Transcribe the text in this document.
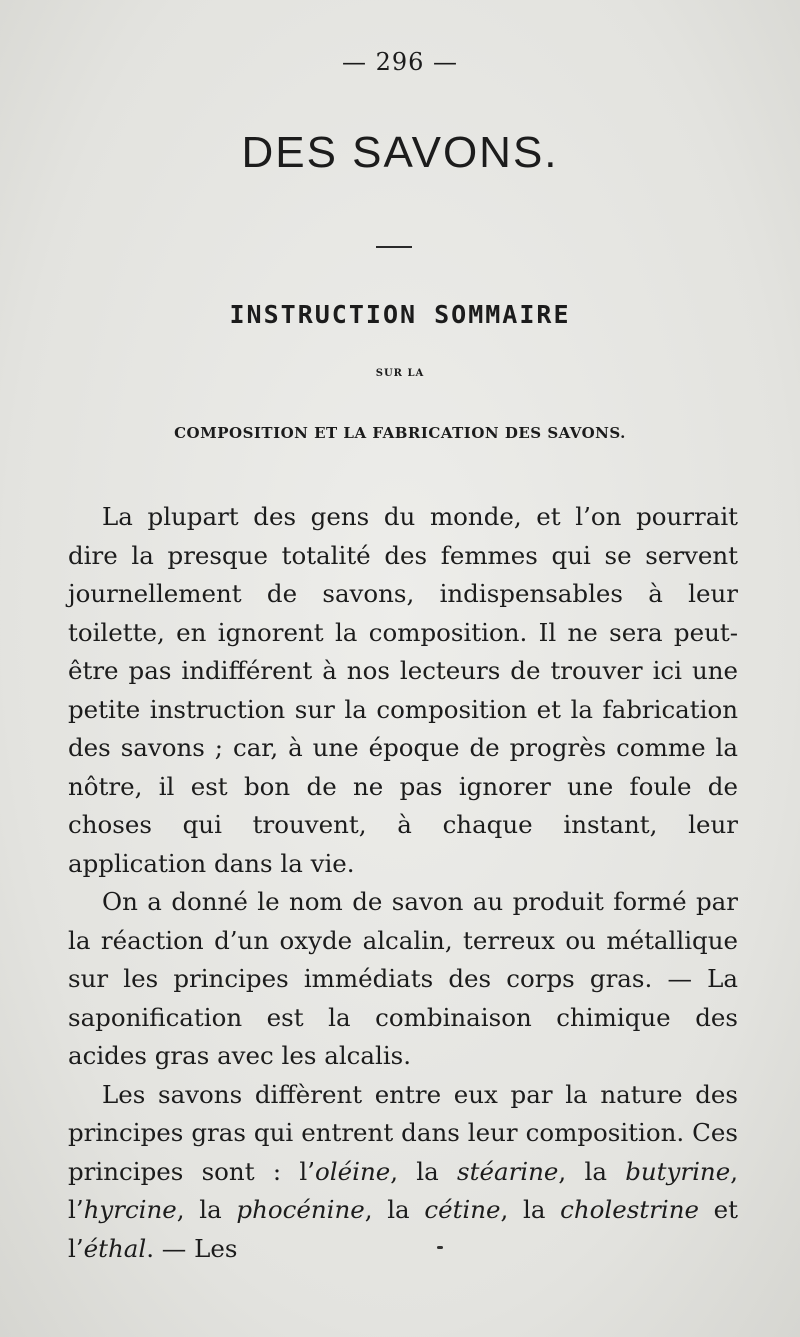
— 296 —
DES SAVONS.
INSTRUCTION SOMMAIRE
SUR LA
COMPOSITION ET LA FABRICATION DES SAVONS.

La plupart des gens du monde, et l’on pourrait dire la presque totalité des femmes qui se servent journellement de savons, indispensables à leur toilette, en ignorent la composition. Il ne sera peut-être pas indifférent à nos lecteurs de trouver ici une petite instruction sur la composition et la fabrication des savons ; car, à une époque de progrès comme la nôtre, il est bon de ne pas ignorer une foule de choses qui trouvent, à chaque instant, leur application dans la vie.

On a donné le nom de savon au produit formé par la réaction d’un oxyde alcalin, terreux ou métallique sur les principes immédiats des corps gras. — La saponification est la combinaison chimique des acides gras avec les alcalis.

Les savons diffèrent entre eux par la nature des principes gras qui entrent dans leur composition. Ces principes sont : l’oléine, la stéarine, la butyrine, l’hyrcine, la phocénine, la cétine, la cholestrine et l’éthal. — Les
